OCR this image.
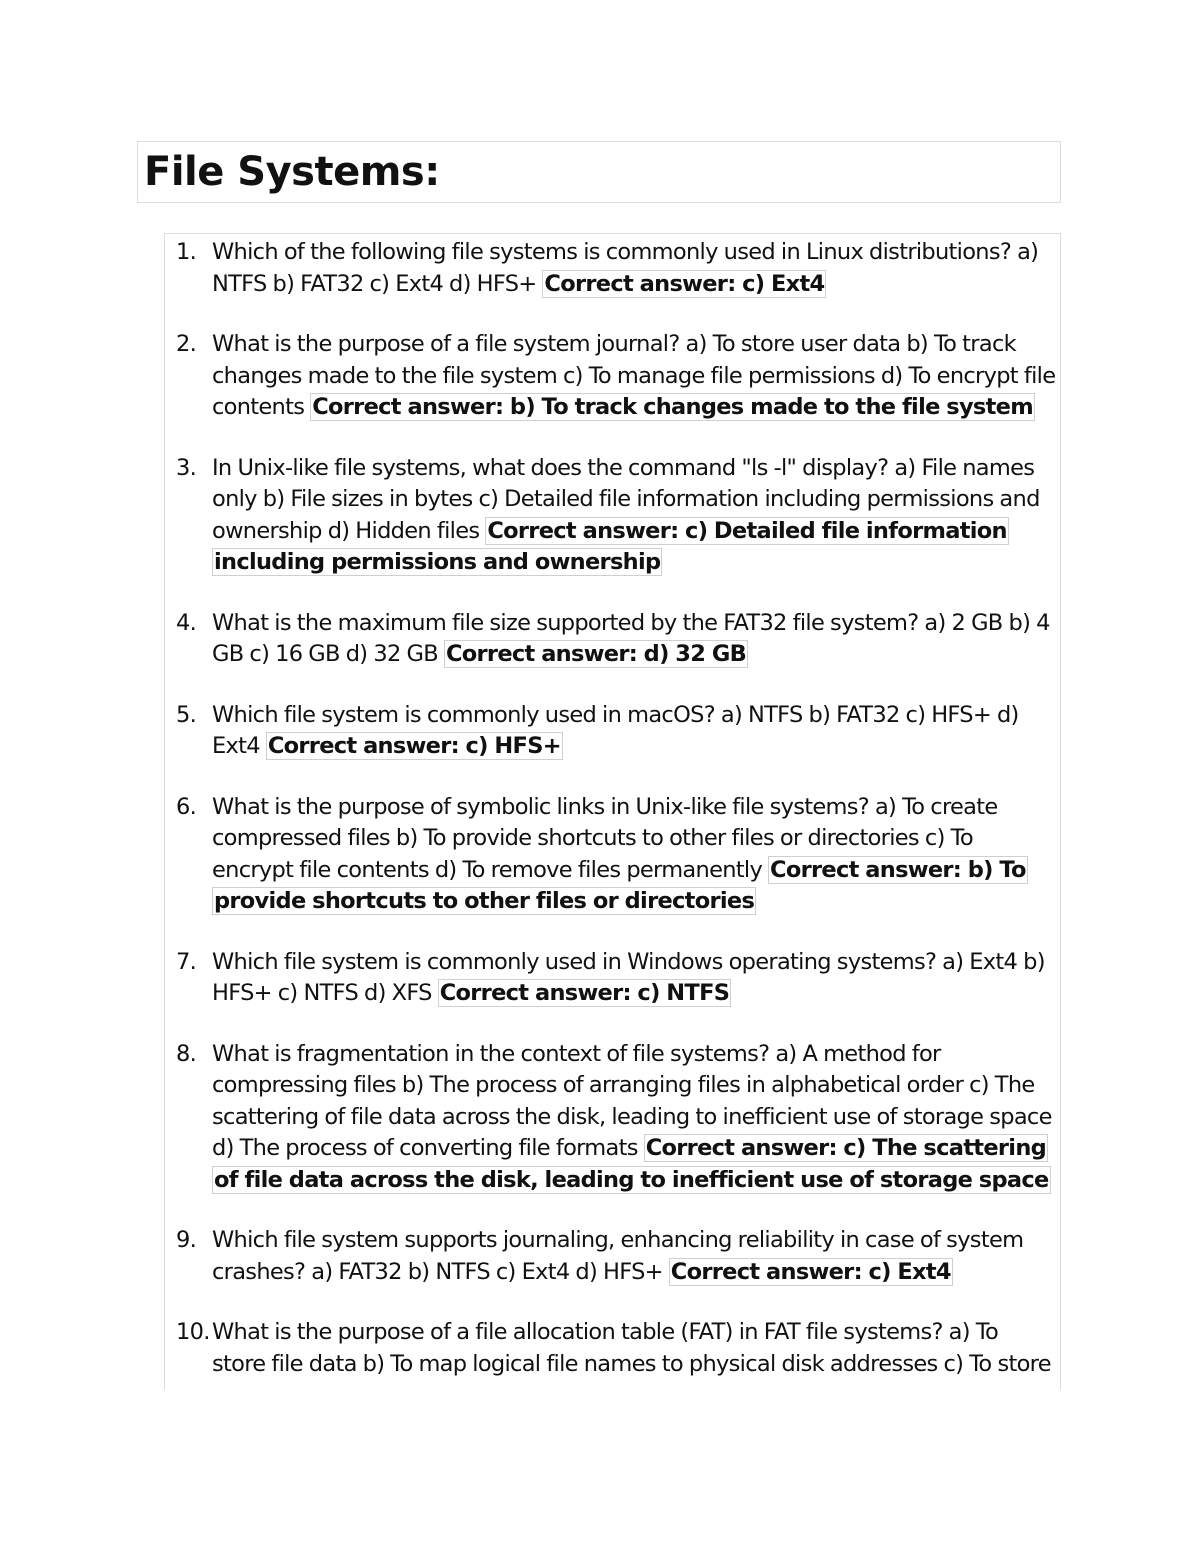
File Systems:
1. Which of the following file systems is commonly used in Linux distributions? a) NTFS b) FAT32 c) Ext4 d) HFS+ Correct answer: c) Ext4
2. What is the purpose of a file system journal? a) To store user data b) To track changes made to the file system c) To manage file permissions d) To encrypt file contents Correct answer: b) To track changes made to the file system
3. In Unix-like file systems, what does the command "ls -l" display? a) File names only b) File sizes in bytes c) Detailed file information including permissions and ownership d) Hidden files Correct answer: c) Detailed file information including permissions and ownership
4. What is the maximum file size supported by the FAT32 file system? a) 2 GB b) 4 GB c) 16 GB d) 32 GB Correct answer: d) 32 GB
5. Which file system is commonly used in macOS? a) NTFS b) FAT32 c) HFS+ d) Ext4 Correct answer: c) HFS+
6. What is the purpose of symbolic links in Unix-like file systems? a) To create compressed files b) To provide shortcuts to other files or directories c) To encrypt file contents d) To remove files permanently Correct answer: b) To provide shortcuts to other files or directories
7. Which file system is commonly used in Windows operating systems? a) Ext4 b) HFS+ c) NTFS d) XFS Correct answer: c) NTFS
8. What is fragmentation in the context of file systems? a) A method for compressing files b) The process of arranging files in alphabetical order c) The scattering of file data across the disk, leading to inefficient use of storage space d) The process of converting file formats Correct answer: c) The scattering of file data across the disk, leading to inefficient use of storage space
9. Which file system supports journaling, enhancing reliability in case of system crashes? a) FAT32 b) NTFS c) Ext4 d) HFS+ Correct answer: c) Ext4
10. What is the purpose of a file allocation table (FAT) in FAT file systems? a) To store file data b) To map logical file names to physical disk addresses c) To store
